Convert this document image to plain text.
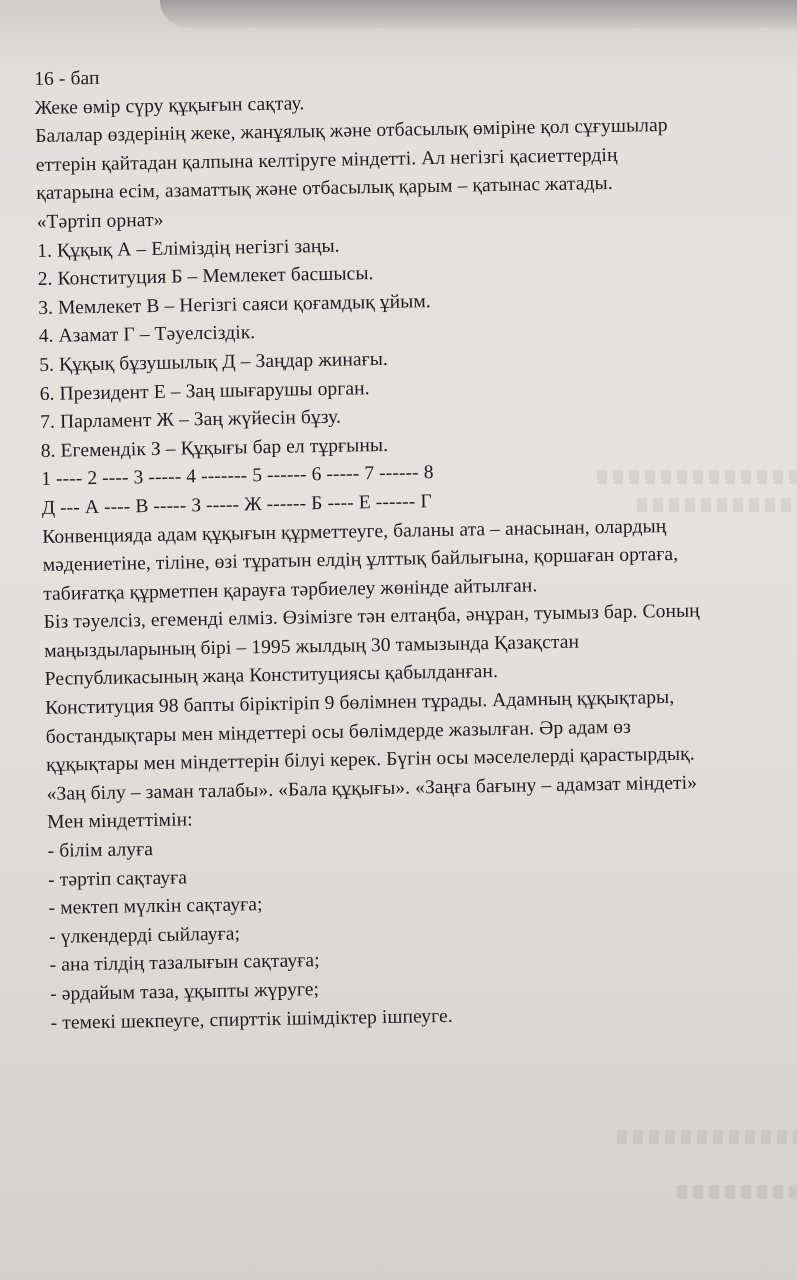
16 - бап
Жеке өмір сүру құқығын сақтау.
Балалар өздерінің жеке, жанұялық және отбасылық өміріне қол сұғушылар
еттерін қайтадан қалпына келтіруге міндетті. Ал негізгі қасиеттердің
қатарына есім, азаматтық және отбасылық қарым – қатынас жатады.
«Тәртіп орнат»
1. Құқық А – Еліміздің негізгі заңы.
2. Конституция Б – Мемлекет басшысы.
3. Мемлекет В – Негізгі саяси қоғамдық ұйым.
4. Азамат Г – Тәуелсіздік.
5. Құқық бұзушылық Д – Заңдар жинағы.
6. Президент Е – Заң шығарушы орган.
7. Парламент Ж – Заң жүйесін бұзу.
8. Егемендік З – Құқығы бар ел тұрғыны.
1 ---- 2 ---- 3 ----- 4 ------- 5 ------ 6 ----- 7 ------ 8
Д --- А ---- В ----- З ----- Ж ------ Б ---- Е ------ Г
Конвенцияда адам құқығын құрметтеуге, баланы ата – анасынан, олардың
мәдениетіне, тіліне, өзі тұратын елдің ұлттық байлығына, қоршаған ортаға,
табиғатқа құрметпен қарауға тәрбиелеу жөнінде айтылған.
Біз тәуелсіз, егеменді елміз. Өзімізге тән елтаңба, әнұран, туымыз бар. Соның
маңыздыларының бірі – 1995 жылдың 30 тамызында Қазақстан
Республикасының жаңа Конституциясы қабылданған.
Конституция 98 бапты біріктіріп 9 бөлімнен тұрады. Адамның құқықтары,
бостандықтары мен міндеттері осы бөлімдерде жазылған. Әр адам өз
құқықтары мен міндеттерін білуі керек. Бүгін осы мәселелерді қарастырдық.
«Заң білу – заман талабы». «Бала құқығы». «Заңға бағыну – адамзат міндеті»
Мен міндеттімін:
- білім алуға
- тәртіп сақтауға
- мектеп мүлкін сақтауға;
- үлкендерді сыйлауға;
- ана тілдің тазалығын сақтауға;
- әрдайым таза, ұқыпты жүруге;
- темекі шекпеуге, спирттік ішімдіктер ішпеуге.
